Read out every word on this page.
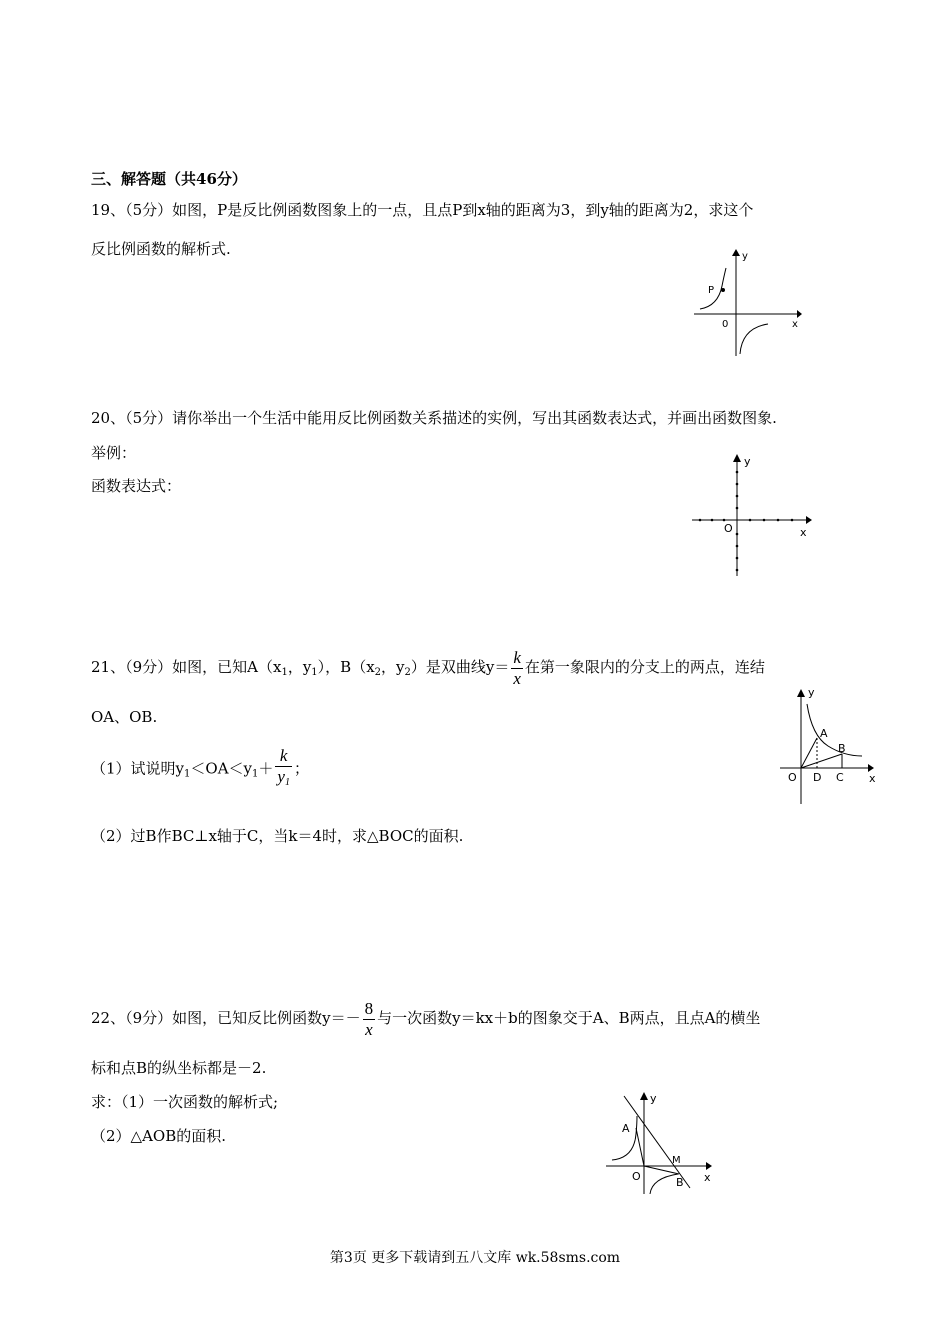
三、解答题（共46分）
19、（5分）如图，P是反比例函数图象上的一点，且点P到x轴的距离为3，到y轴的距离为2，求这个
反比例函数的解析式.
P
y
x
0
20、（5分）请你举出一个生活中能用反比例函数关系描述的实例，写出其函数表达式，并画出函数图象.
举例：
函数表达式：
y
x
O
21、（9分）如图，已知$A(x_1$，$y_1$），$B(x_2$，$y_2$）是双曲线$y= \frac{k}{x}$ 在第一象限内的分支上的两点，连结
OA、OB.
（1）试说明$y_1<OA<y_1+ \frac{k}{y_1}$ ；
（2）过B作BC⊥x轴于C，当k＝4时，求△BOC的面积.
y
x
O
A
B
D C
22、（9分）如图，已知反比例函数$y=- \frac{8}{x}$ 与一次函数y＝kx＋b的图象交于A、B两点，且点A的横坐
标和点B的纵坐标都是－2.
求：（1）一次函数的解析式;
（2）△AOB的面积.
y
x
O
A
B
M
第3页 更多下载请到五八文库 wk.58sms.com
